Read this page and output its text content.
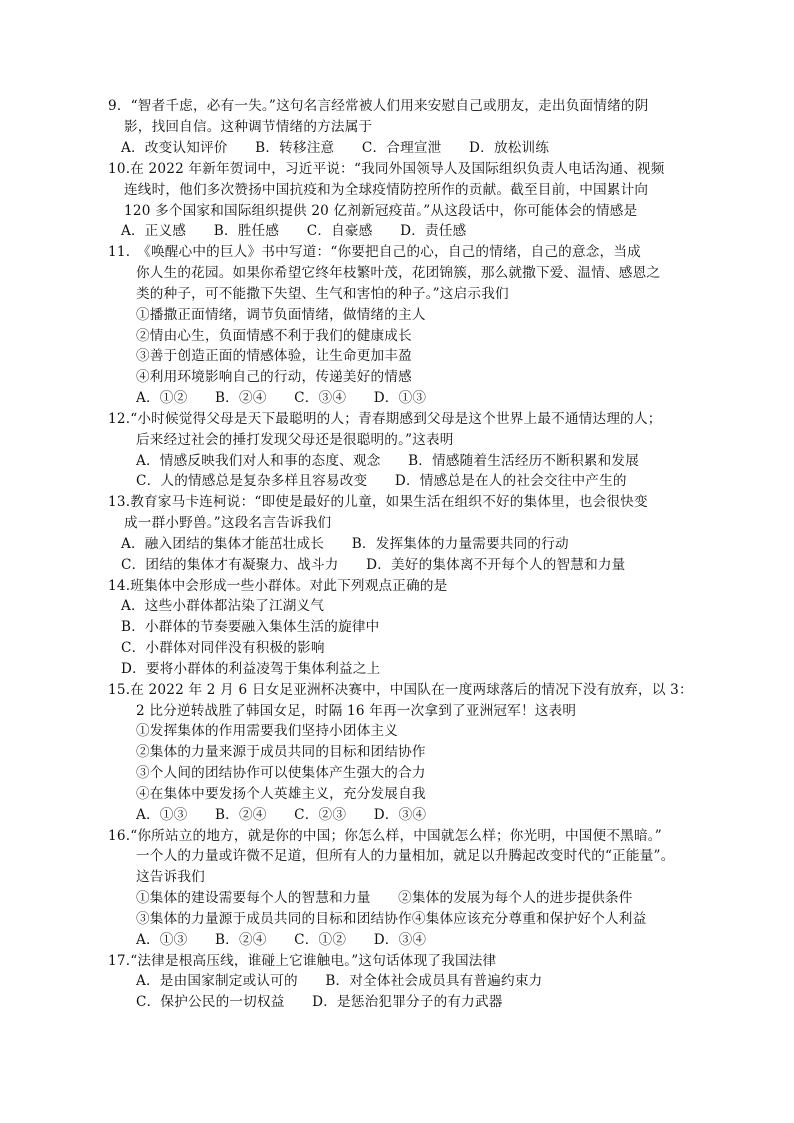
9．“智者千虑，必有一失。”这句名言经常被人们用来安慰自己或朋友，走出负面情绪的阴
影，找回自信。这种调节情绪的方法属于
A．改变认知评价　　B．转移注意　　C．合理宣泄　　D．放松训练
10.在 2022 年新年贺词中，习近平说：“我同外国领导人及国际组织负责人电话沟通、视频
连线时，他们多次赞扬中国抗疫和为全球疫情防控所作的贡献。截至目前，中国累计向
120 多个国家和国际组织提供 20 亿剂新冠疫苗。”从这段话中，你可能体会的情感是
A．正义感　　B．胜任感　　C．自豪感　　D．责任感
11.　《唤醒心中的巨人》书中写道：“你要把自己的心，自己的情绪，自己的意念，当成
你人生的花园。如果你希望它终年枝繁叶茂，花团锦簇，那么就撒下爱、温情、感恩之
类的种子，可不能撒下失望、生气和害怕的种子。”这启示我们
①播撒正面情绪，调节负面情绪，做情绪的主人
②情由心生，负面情感不利于我们的健康成长
③善于创造正面的情感体验，让生命更加丰盈
④利用环境影响自己的行动，传递美好的情感
A．①②　　B．②④　　C．③④　　D．①③
12.“小时候觉得父母是天下最聪明的人；青春期感到父母是这个世界上最不通情达理的人；
后来经过社会的捶打发现父母还是很聪明的。”这表明
A．情感反映我们对人和事的态度、观念　　B．情感随着生活经历不断积累和发展
C．人的情感总是复杂多样且容易改变　　D．情感总是在人的社会交往中产生的
13.教育家马卡连柯说：“即使是最好的儿童，如果生活在组织不好的集体里，也会很快变
成一群小野兽。”这段名言告诉我们
A．融入团结的集体才能茁壮成长　　B．发挥集体的力量需要共同的行动
C．团结的集体才有凝聚力、战斗力　　D．美好的集体离不开每个人的智慧和力量
14.班集体中会形成一些小群体。对此下列观点正确的是
A．这些小群体都沾染了江湖义气
B．小群体的节奏要融入集体生活的旋律中
C．小群体对同伴没有积极的影响
D．要将小群体的利益凌驾于集体利益之上
15.在 2022 年 2 月 6 日女足亚洲杯决赛中，中国队在一度两球落后的情况下没有放弃，以 3：
2 比分逆转战胜了韩国女足，时隔 16 年再一次拿到了亚洲冠军！这表明
①发挥集体的作用需要我们坚持小团体主义
②集体的力量来源于成员共同的目标和团结协作
③个人间的团结协作可以使集体产生强大的合力
④在集体中要发扬个人英雄主义，充分发展自我
A．①③　　B．②④　　C．②③　　D．③④
16.“你所站立的地方，就是你的中国；你怎么样，中国就怎么样；你光明，中国便不黑暗。”
一个人的力量或许微不足道，但所有人的力量相加，就足以升腾起改变时代的“正能量”。
这告诉我们
①集体的建设需要每个人的智慧和力量　　②集体的发展为每个人的进步提供条件
③集体的力量源于成员共同的目标和团结协作④集体应该充分尊重和保护好个人利益
A．①③　　B．②④　　C．①②　　D．③④
17.“法律是根高压线，谁碰上它谁触电。”这句话体现了我国法律
A．是由国家制定或认可的　　B．对全体社会成员具有普遍约束力
C．保护公民的一切权益　　D．是惩治犯罪分子的有力武器
